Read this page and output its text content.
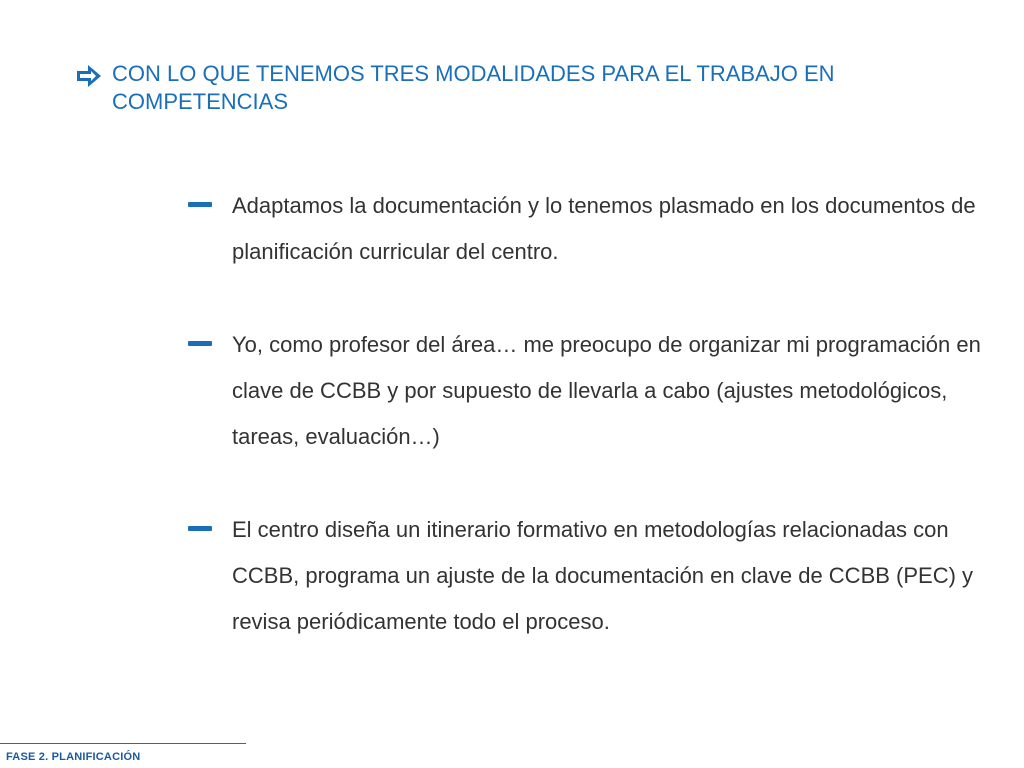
CON LO QUE TENEMOS TRES MODALIDADES PARA EL TRABAJO EN COMPETENCIAS
Adaptamos la documentación y lo tenemos plasmado en los documentos de planificación curricular del centro.
Yo, como profesor del área… me preocupo de organizar mi programación en clave de CCBB y por supuesto de llevarla a cabo (ajustes metodológicos, tareas, evaluación…)
El centro diseña un itinerario formativo en metodologías relacionadas con CCBB, programa un ajuste de la documentación en clave de CCBB (PEC) y revisa periódicamente todo el proceso.
FASE 2. PLANIFICACIÓN
